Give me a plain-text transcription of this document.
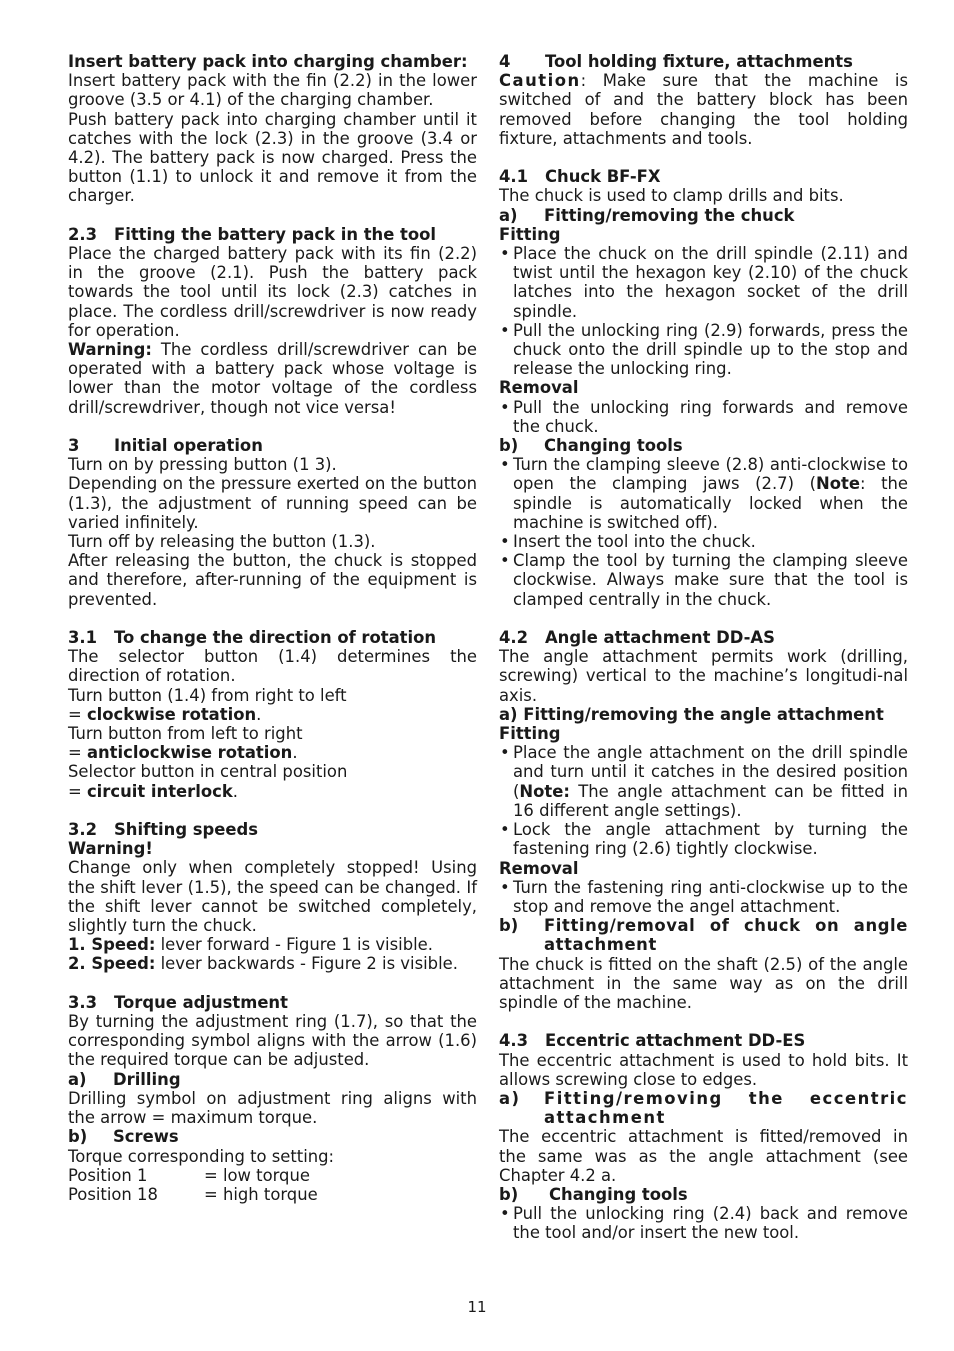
Insert battery pack into charging chamber:

Insert battery pack with the fin (2.2) in the lower groove (3.5 or 4.1) of the charging chamber.

Push battery pack into charging chamber until it catches with the lock (2.3) in the groove (3.4 or 4.2). The battery pack is now charged. Press the button (1.1) to unlock it and remove it from the charger.

2.3 Fitting the battery pack in the tool

Place the charged battery pack with its fin (2.2) in the groove (2.1). Push the battery pack towards the tool until its lock (2.3) catches in place. The cordless drill/screwdriver is now ready for operation.

Warning: The cordless drill/screwdriver can be operated with a battery pack whose voltage is lower than the motor voltage of the cordless drill/screwdriver, though not vice versa!

3 Initial operation

Turn on by pressing button (1 3).

Depending on the pressure exerted on the button (1.3), the adjustment of running speed can be varied infinitely.

Turn off by releasing the button (1.3).

After releasing the button, the chuck is stopped and therefore, after-running of the equipment is prevented.

3.1 To change the direction of rotation

The selector button (1.4) determines the direction of rotation.

Turn button (1.4) from right to left

= clockwise rotation.

Turn button from left to right

= anticlockwise rotation.

Selector button in central position

= circuit interlock.

3.2 Shifting speeds

Warning!

Change only when completely stopped! Using the shift lever (1.5), the speed can be changed. If the shift lever cannot be switched completely, slightly turn the chuck.

1. Speed: lever forward - Figure 1 is visible.

2. Speed: lever backwards - Figure 2 is visible.

3.3 Torque adjustment

By turning the adjustment ring (1.7), so that the corresponding symbol aligns with the arrow (1.6) the required torque can be adjusted.

a) Drilling

Drilling symbol on adjustment ring aligns with the arrow = maximum torque.

b) Screws

Torque corresponding to setting:

Position 1	= low torque
Position 18	= high torque

4 Tool holding fixture, attachments

Caution: Make sure that the machine is switched of and the battery block has been removed before changing the tool holding fixture, attachments and tools.

4.1 Chuck BF-FX

The chuck is used to clamp drills and bits.

a) Fitting/removing the chuck

Fitting

• Place the chuck on the drill spindle (2.11) and twist until the hexagon key (2.10) of the chuck latches into the hexagon socket of the drill spindle.
• Pull the unlocking ring (2.9) forwards, press the chuck onto the drill spindle up to the stop and release the unlocking ring.

Removal

• Pull the unlocking ring forwards and remove the chuck.

b) Changing tools

• Turn the clamping sleeve (2.8) anti-clockwise to open the clamping jaws (2.7) (Note: the spindle is automatically locked when the machine is switched off).
• Insert the tool into the chuck.
• Clamp the tool by turning the clamping sleeve clockwise. Always make sure that the tool is clamped centrally in the chuck.

4.2 Angle attachment DD-AS

The angle attachment permits work (drilling, screwing) vertical to the machine’s longitudi-nal axis.

a) Fitting/removing the angle attachment

Fitting

• Place the angle attachment on the drill spindle and turn until it catches in the desired position (Note: The angle attachment can be fitted in 16 different angle settings).
• Lock the angle attachment by turning the fastening ring (2.6) tightly clockwise.

Removal

• Turn the fastening ring anti-clockwise up to the stop and remove the angel attachment.

b)	Fitting/removal of chuck on angle attachment

The chuck is fitted on the shaft (2.5) of the angle attachment in the same way as on the drill spindle of the machine.

4.3 Eccentric attachment DD-ES

The eccentric attachment is used to hold bits. It allows screwing close to edges.

a)	Fitting/removing the eccentric attachment

The eccentric attachment is fitted/removed in the same was as the angle attachment (see Chapter 4.2 a.

b) Changing tools

• Pull the unlocking ring (2.4) back and remove the tool and/or insert the new tool.
11
